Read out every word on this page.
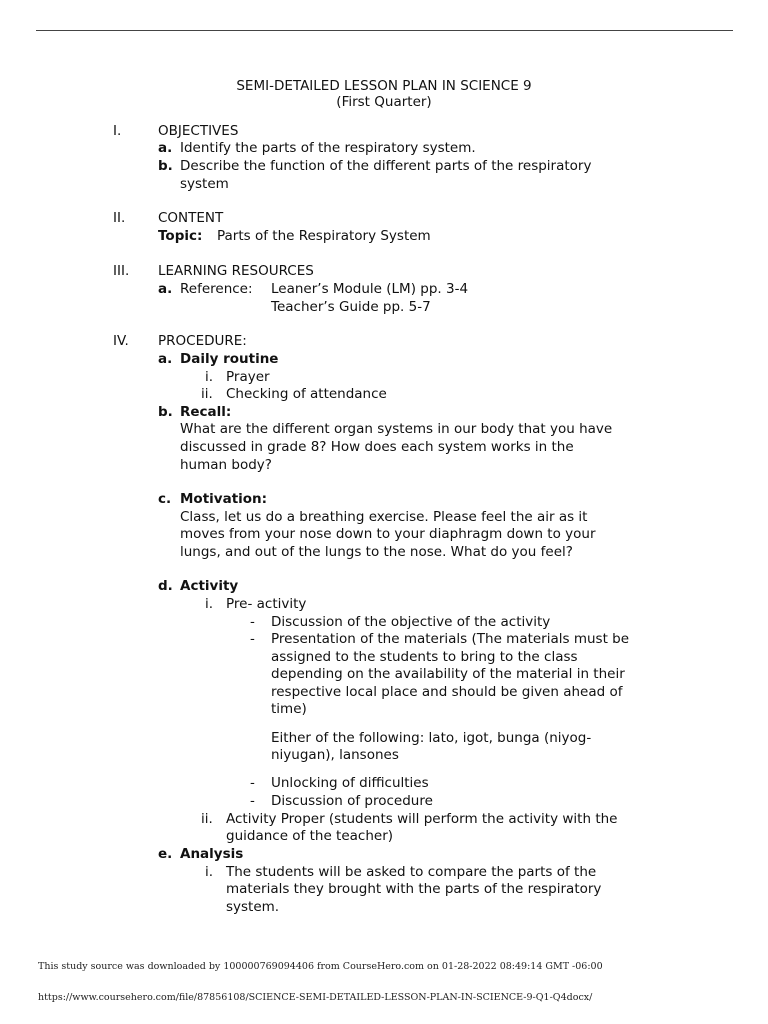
SEMI-DETAILED LESSON PLAN IN SCIENCE 9
(First Quarter)
I.	OBJECTIVES
a. Identify the parts of the respiratory system.
b. Describe the function of the different parts of the respiratory
system
II. CONTENT
Topic: Parts of the Respiratory System
III. LEARNING RESOURCES
a. Reference: Leaner’s Module (LM) pp. 3-4
Teacher’s Guide pp. 5-7
IV. PROCEDURE:
a. Daily routine
i. Prayer
ii. Checking of attendance
b. Recall:
What are the different organ systems in our body that you have
discussed in grade 8? How does each system works in the
human body?
c. Motivation:
Class, let us do a breathing exercise. Please feel the air as it
moves from your nose down to your diaphragm down to your
lungs, and out of the lungs to the nose. What do you feel?
d. Activity
i. Pre- activity
- Discussion of the objective of the activity
- Presentation of the materials (The materials must be
assigned to the students to bring to the class
depending on the availability of the material in their
respective local place and should be given ahead of
time)
Either of the following: lato, igot, bunga (niyog-
niyugan), lansones
- Unlocking of difficulties
- Discussion of procedure
ii. Activity Proper (students will perform the activity with the
guidance of the teacher)
e. Analysis
i. The students will be asked to compare the parts of the
materials they brought with the parts of the respiratory
system.
This study source was downloaded by 100000769094406 from CourseHero.com on 01-28-2022 08:49:14 GMT -06:00
https://www.coursehero.com/file/87856108/SCIENCE-SEMI-DETAILED-LESSON-PLAN-IN-SCIENCE-9-Q1-Q4docx/
